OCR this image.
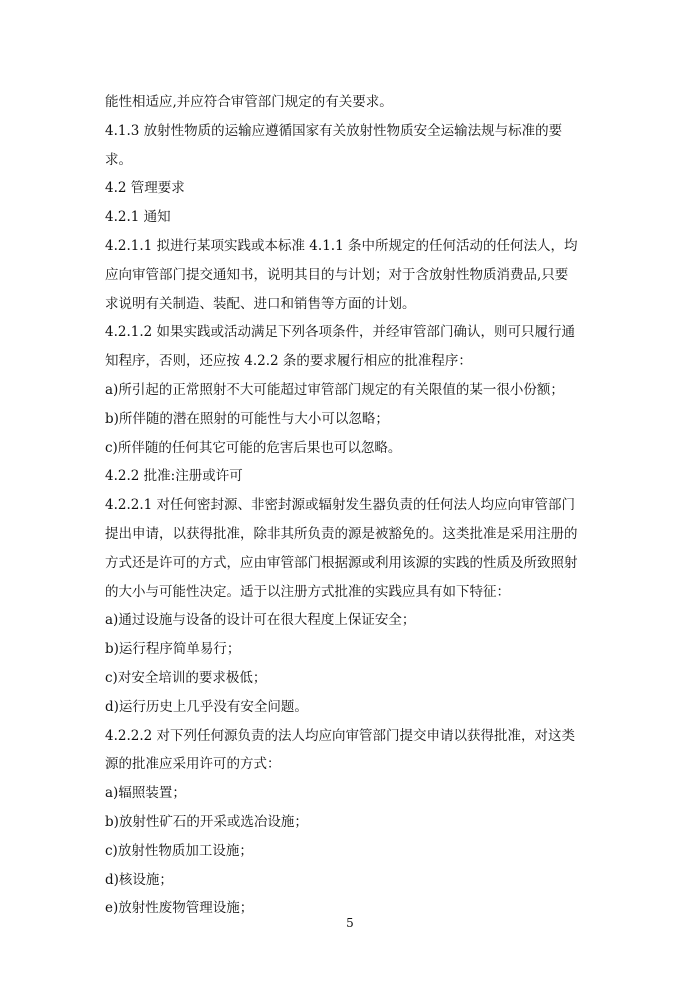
能性相适应,并应符合审管部门规定的有关要求。

4.1.3 放射性物质的运输应遵循国家有关放射性物质安全运输法规与标准的要

求。

4.2 管理要求

4.2.1 通知

4.2.1.1 拟进行某项实践或本标准 4.1.1 条中所规定的任何活动的任何法人，均

应向审管部门提交通知书，说明其目的与计划；对于含放射性物质消费品,只要

求说明有关制造、装配、进口和销售等方面的计划。

4.2.1.2 如果实践或活动满足下列各项条件，并经审管部门确认，则可只履行通

知程序，否则，还应按 4.2.2 条的要求履行相应的批准程序：

a)所引起的正常照射不大可能超过审管部门规定的有关限值的某一很小份额；

b)所伴随的潜在照射的可能性与大小可以忽略；

c)所伴随的任何其它可能的危害后果也可以忽略。

4.2.2 批准:注册或许可

4.2.2.1 对任何密封源、非密封源或辐射发生器负责的任何法人均应向审管部门

提出申请，以获得批准，除非其所负责的源是被豁免的。这类批准是采用注册的

方式还是许可的方式，应由审管部门根据源或利用该源的实践的性质及所致照射

的大小与可能性决定。适于以注册方式批准的实践应具有如下特征：

a)通过设施与设备的设计可在很大程度上保证安全；

b)运行程序简单易行；

c)对安全培训的要求极低；

d)运行历史上几乎没有安全问题。

4.2.2.2 对下列任何源负责的法人均应向审管部门提交申请以获得批准，对这类

源的批准应采用许可的方式：

a)辐照装置；

b)放射性矿石的开采或选冶设施；

c)放射性物质加工设施；

d)核设施；

e)放射性废物管理设施；

5
